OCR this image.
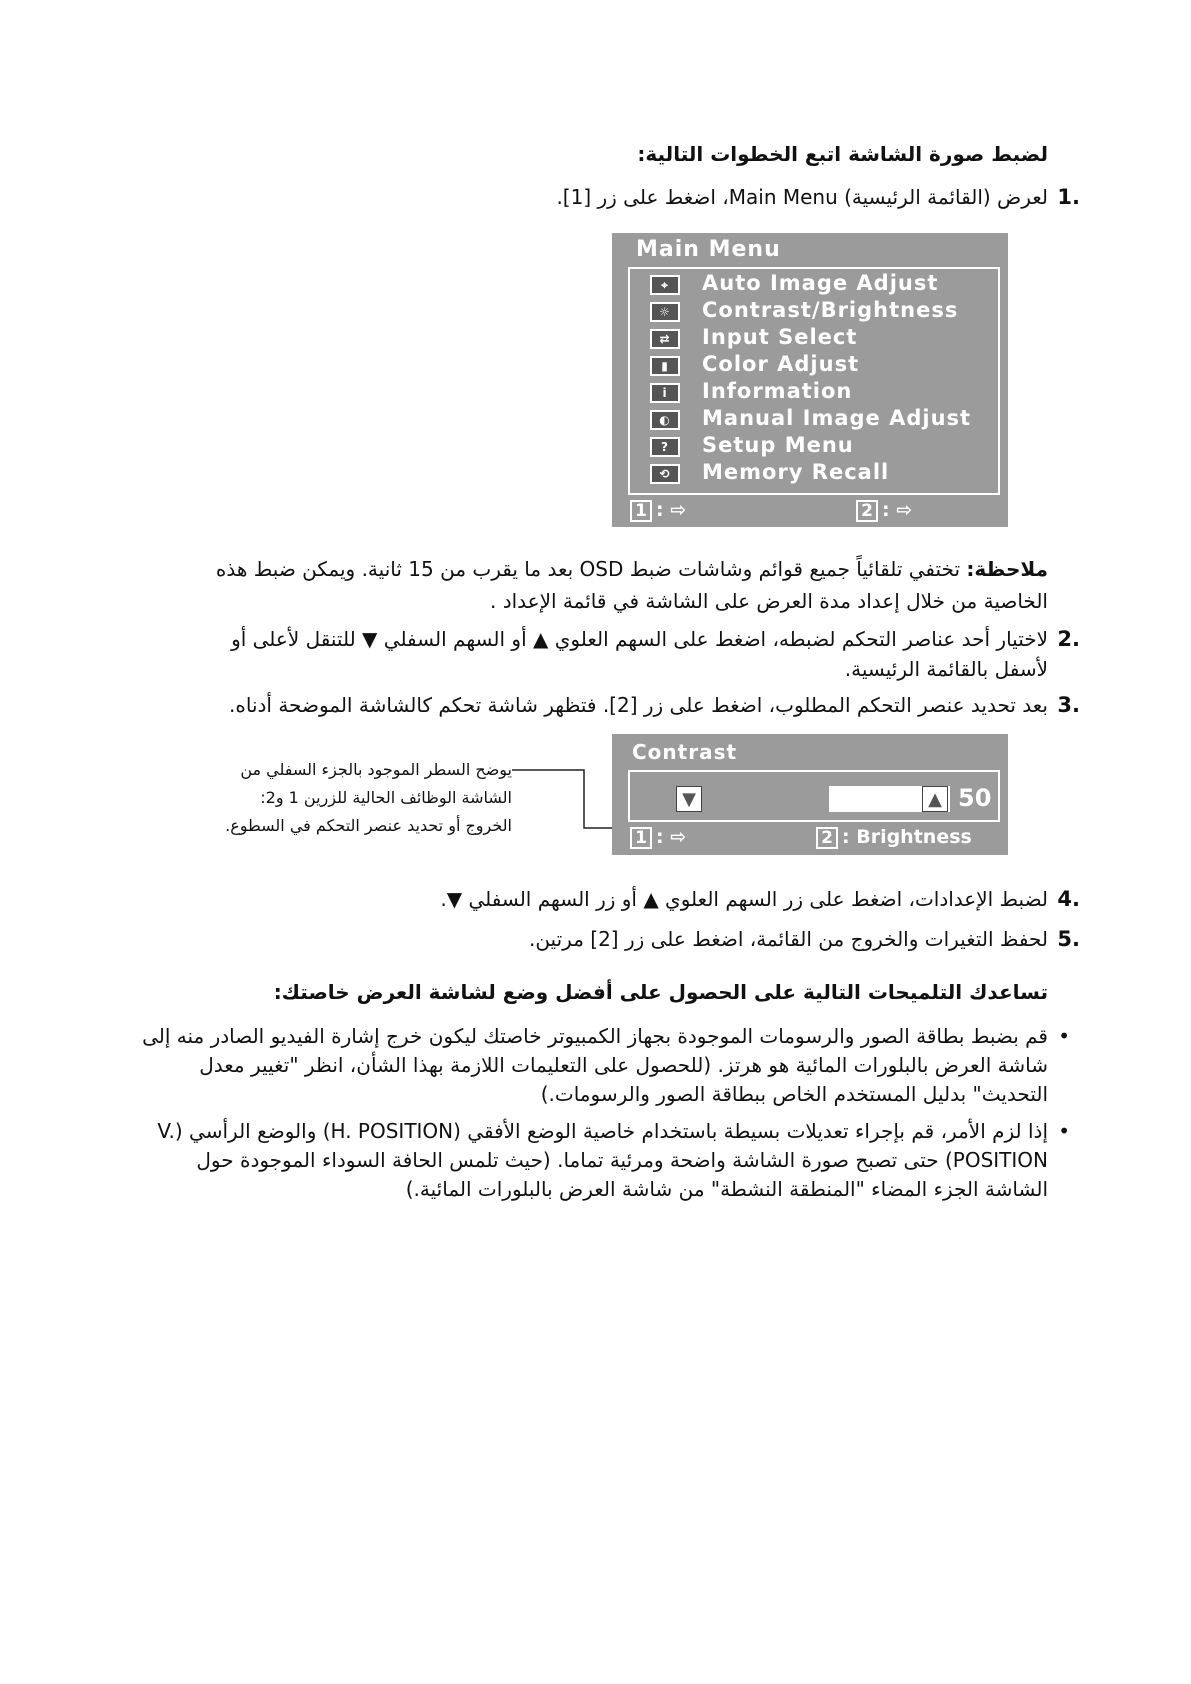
لضبط صورة الشاشة اتبع الخطوات التالية:
.1
لعرض (القائمة الرئيسية) Main Menu، اضغط على زر [1].
Main Menu
⌖	Auto Image Adjust
☼	Contrast/Brightness
⇄	Input Select
▮	Color Adjust
i	Information
◐	Manual Image Adjust
?	Setup Menu
⟲	Memory Recall
1 : ⇨	2 : ⇨
ملاحظة: تختفي تلقائياً جميع قوائم وشاشات ضبط OSD بعد ما يقرب من 15 ثانية. ويمكن ضبط هذه الخاصية من خلال إعداد مدة العرض على الشاشة في قائمة الإعداد .
.2
لاختيار أحد عناصر التحكم لضبطه، اضغط على السهم العلوي ▲ أو السهم السفلي ▼ للتنقل لأعلى أو لأسفل بالقائمة الرئيسية.
.3
بعد تحديد عنصر التحكم المطلوب، اضغط على زر [2]. فتظهر شاشة تحكم كالشاشة الموضحة أدناه.
يوضح السطر الموجود بالجزء السفلي من
الشاشة الوظائف الحالية للزرين 1 و2:
الخروج أو تحديد عنصر التحكم في السطوع.
Contrast
▼	▲ 50
1 : ⇨	2 : Brightness
.4
لضبط الإعدادات، اضغط على زر السهم العلوي ▲ أو زر السهم السفلي ▼.
.5
لحفظ التغيرات والخروج من القائمة، اضغط على زر [2] مرتين.
تساعدك التلميحات التالية على الحصول على أفضل وضع لشاشة العرض خاصتك:
•
قم بضبط بطاقة الصور والرسومات الموجودة بجهاز الكمبيوتر خاصتك ليكون خرج إشارة الفيديو الصادر منه إلى شاشة العرض بالبلورات المائية هو هرتز. (للحصول على التعليمات اللازمة بهذا الشأن، انظر "تغيير معدل التحديث" بدليل المستخدم الخاص ببطاقة الصور والرسومات.)
•
إذا لزم الأمر، قم بإجراء تعديلات بسيطة باستخدام خاصية الوضع الأفقي (H. POSITION) والوضع الرأسي (V. POSITION) حتى تصبح صورة الشاشة واضحة ومرئية تماما. (حيث تلمس الحافة السوداء الموجودة حول الشاشة الجزء المضاء "المنطقة النشطة" من شاشة العرض بالبلورات المائية.)
